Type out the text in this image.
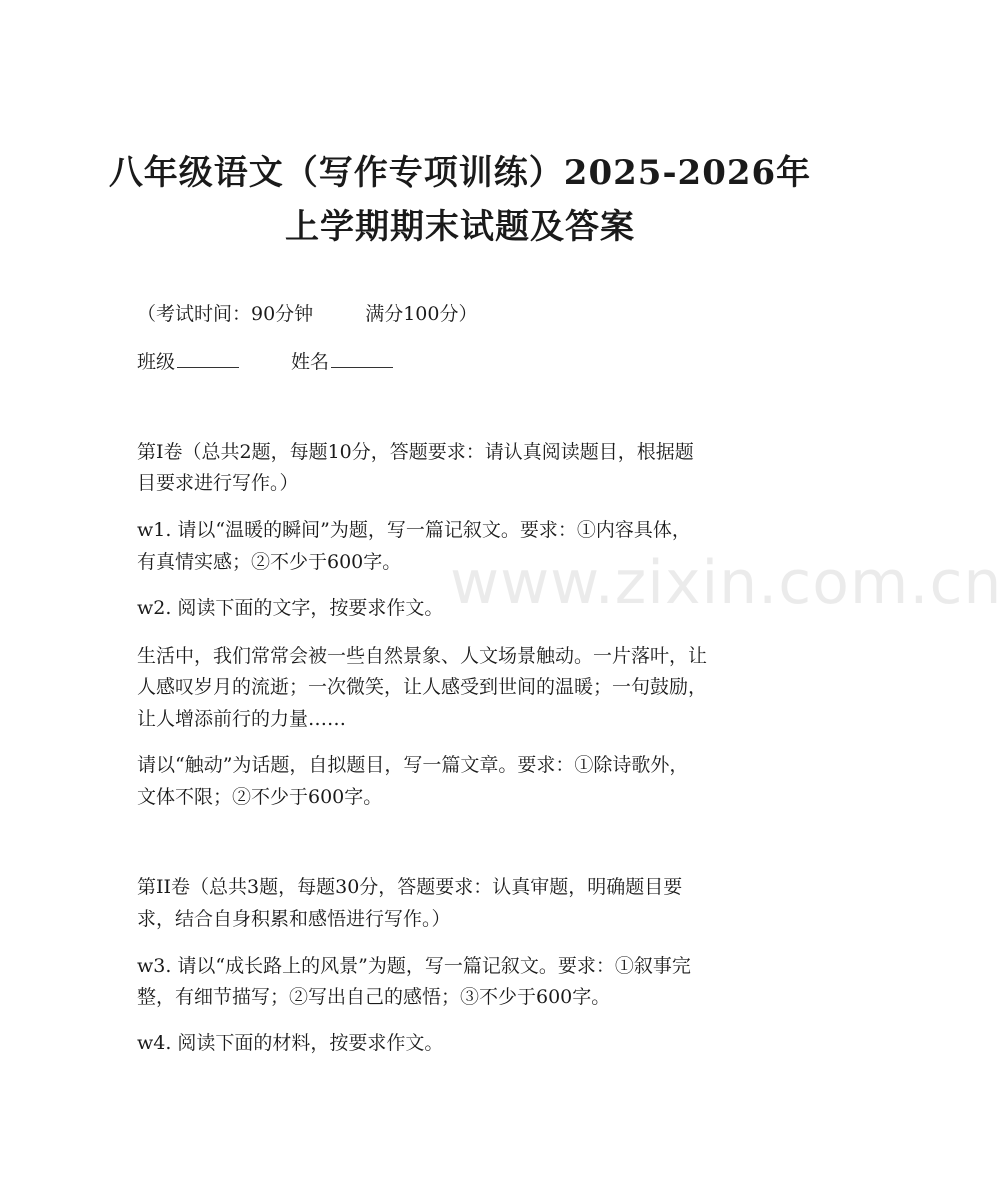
八年级语文（写作专项训练）2025-2026年
上学期期末试题及答案
（考试时间：90分钟	满分100分）
班级	姓名
第I卷（总共2题，每题10分，答题要求：请认真阅读题目，根据题
目要求进行写作。）
w1. 请以“温暖的瞬间”为题，写一篇记叙文。要求：①内容具体，
有真情实感；②不少于600字。
w2. 阅读下面的文字，按要求作文。
生活中，我们常常会被一些自然景象、人文场景触动。一片落叶，让
人感叹岁月的流逝；一次微笑，让人感受到世间的温暖；一句鼓励，
让人增添前行的力量……
请以“触动”为话题，自拟题目，写一篇文章。要求：①除诗歌外，
文体不限；②不少于600字。
第II卷（总共3题，每题30分，答题要求：认真审题，明确题目要
求，结合自身积累和感悟进行写作。）
w3. 请以“成长路上的风景”为题，写一篇记叙文。要求：①叙事完
整，有细节描写；②写出自己的感悟；③不少于600字。
w4. 阅读下面的材料，按要求作文。
www.zixin.com.cn
